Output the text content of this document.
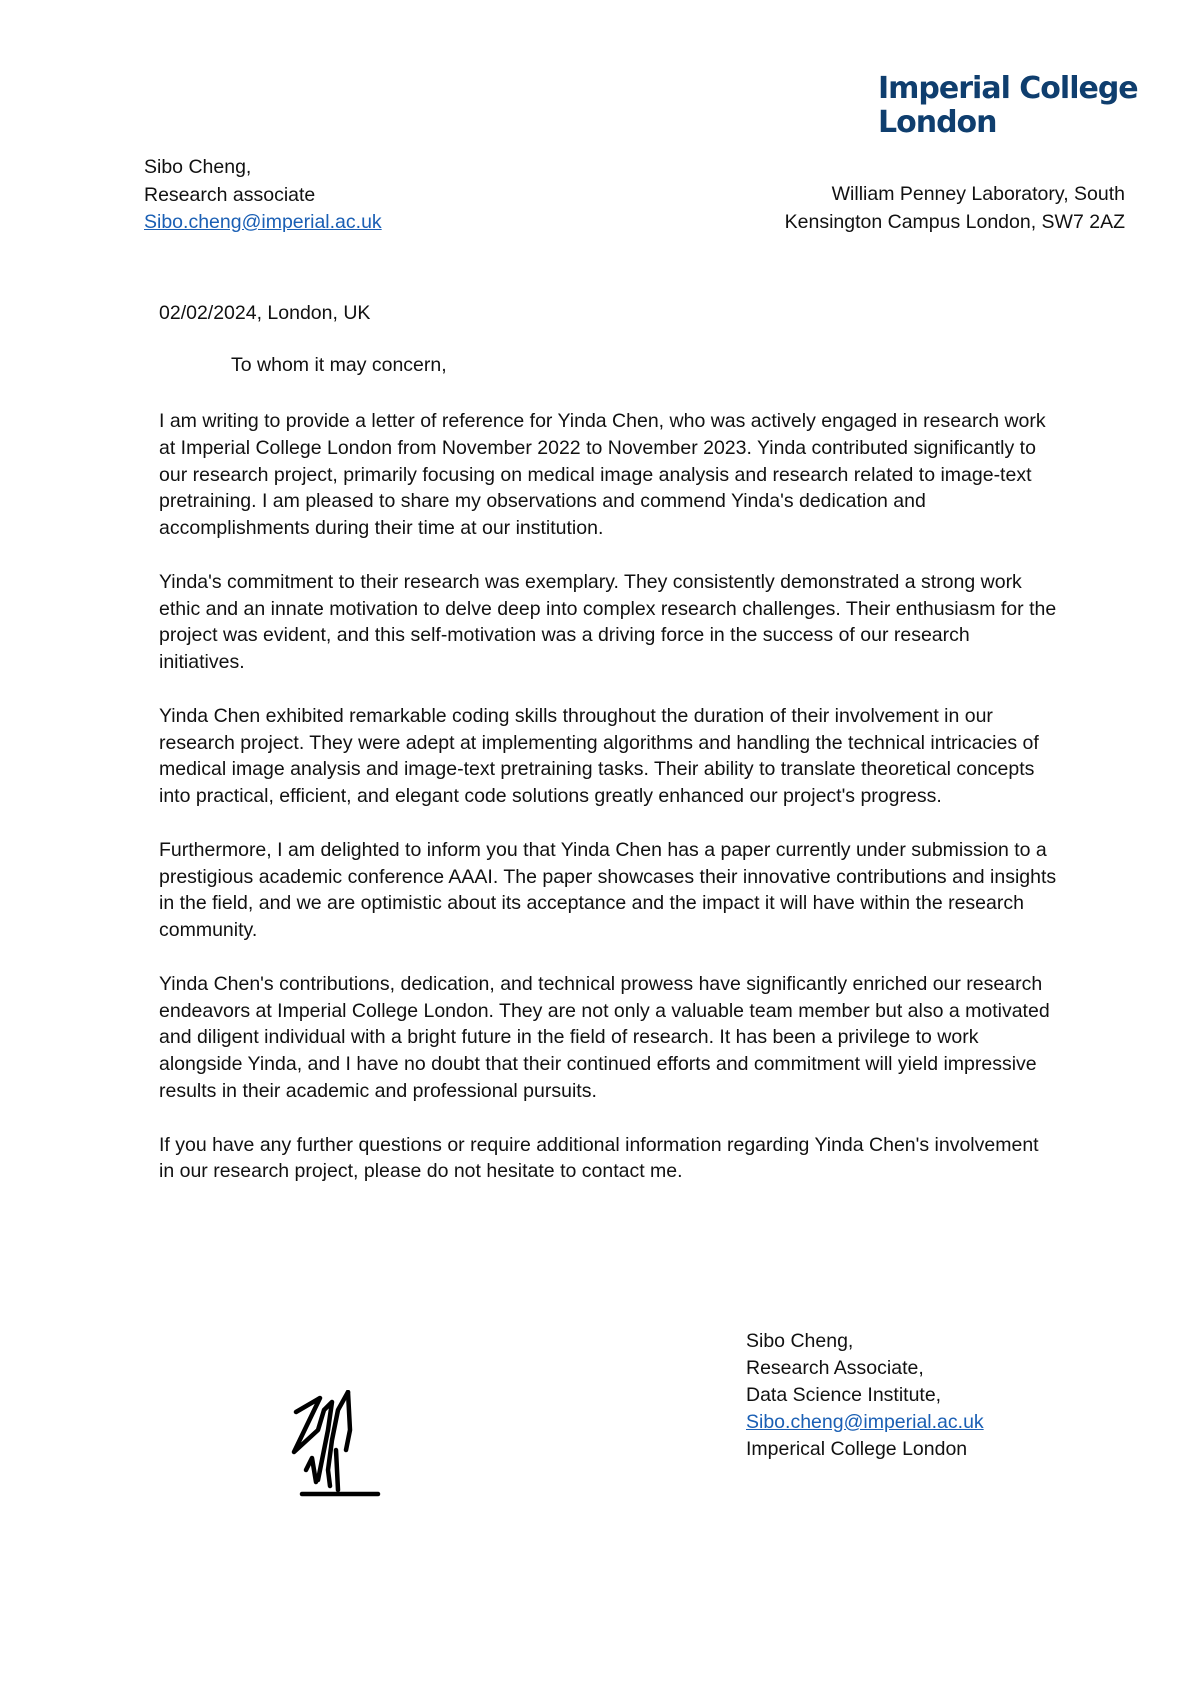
Imperial College
London
Sibo Cheng,
Research associate
Sibo.cheng@imperial.ac.uk
William Penney Laboratory, South
Kensington Campus London, SW7 2AZ
02/02/2024, London, UK
To whom it may concern,

I am writing to provide a letter of reference for Yinda Chen, who was actively engaged in research work at Imperial College London from November 2022 to November 2023. Yinda contributed significantly to our research project, primarily focusing on medical image analysis and research related to image-text pretraining. I am pleased to share my observations and commend Yinda's dedication and accomplishments during their time at our institution.

Yinda's commitment to their research was exemplary. They consistently demonstrated a strong work ethic and an innate motivation to delve deep into complex research challenges. Their enthusiasm for the project was evident, and this self-motivation was a driving force in the success of our research initiatives.

Yinda Chen exhibited remarkable coding skills throughout the duration of their involvement in our research project. They were adept at implementing algorithms and handling the technical intricacies of medical image analysis and image-text pretraining tasks. Their ability to translate theoretical concepts into practical, efficient, and elegant code solutions greatly enhanced our project's progress.

Furthermore, I am delighted to inform you that Yinda Chen has a paper currently under submission to a prestigious academic conference AAAI. The paper showcases their innovative contributions and insights in the field, and we are optimistic about its acceptance and the impact it will have within the research community.

Yinda Chen's contributions, dedication, and technical prowess have significantly enriched our research endeavors at Imperial College London. They are not only a valuable team member but also a motivated and diligent individual with a bright future in the field of research. It has been a privilege to work alongside Yinda, and I have no doubt that their continued efforts and commitment will yield impressive results in their academic and professional pursuits.

If you have any further questions or require additional information regarding Yinda Chen's involvement in our research project, please do not hesitate to contact me.

Sibo Cheng,
Research Associate,
Data Science Institute,
Sibo.cheng@imperial.ac.uk
Imperical College London
